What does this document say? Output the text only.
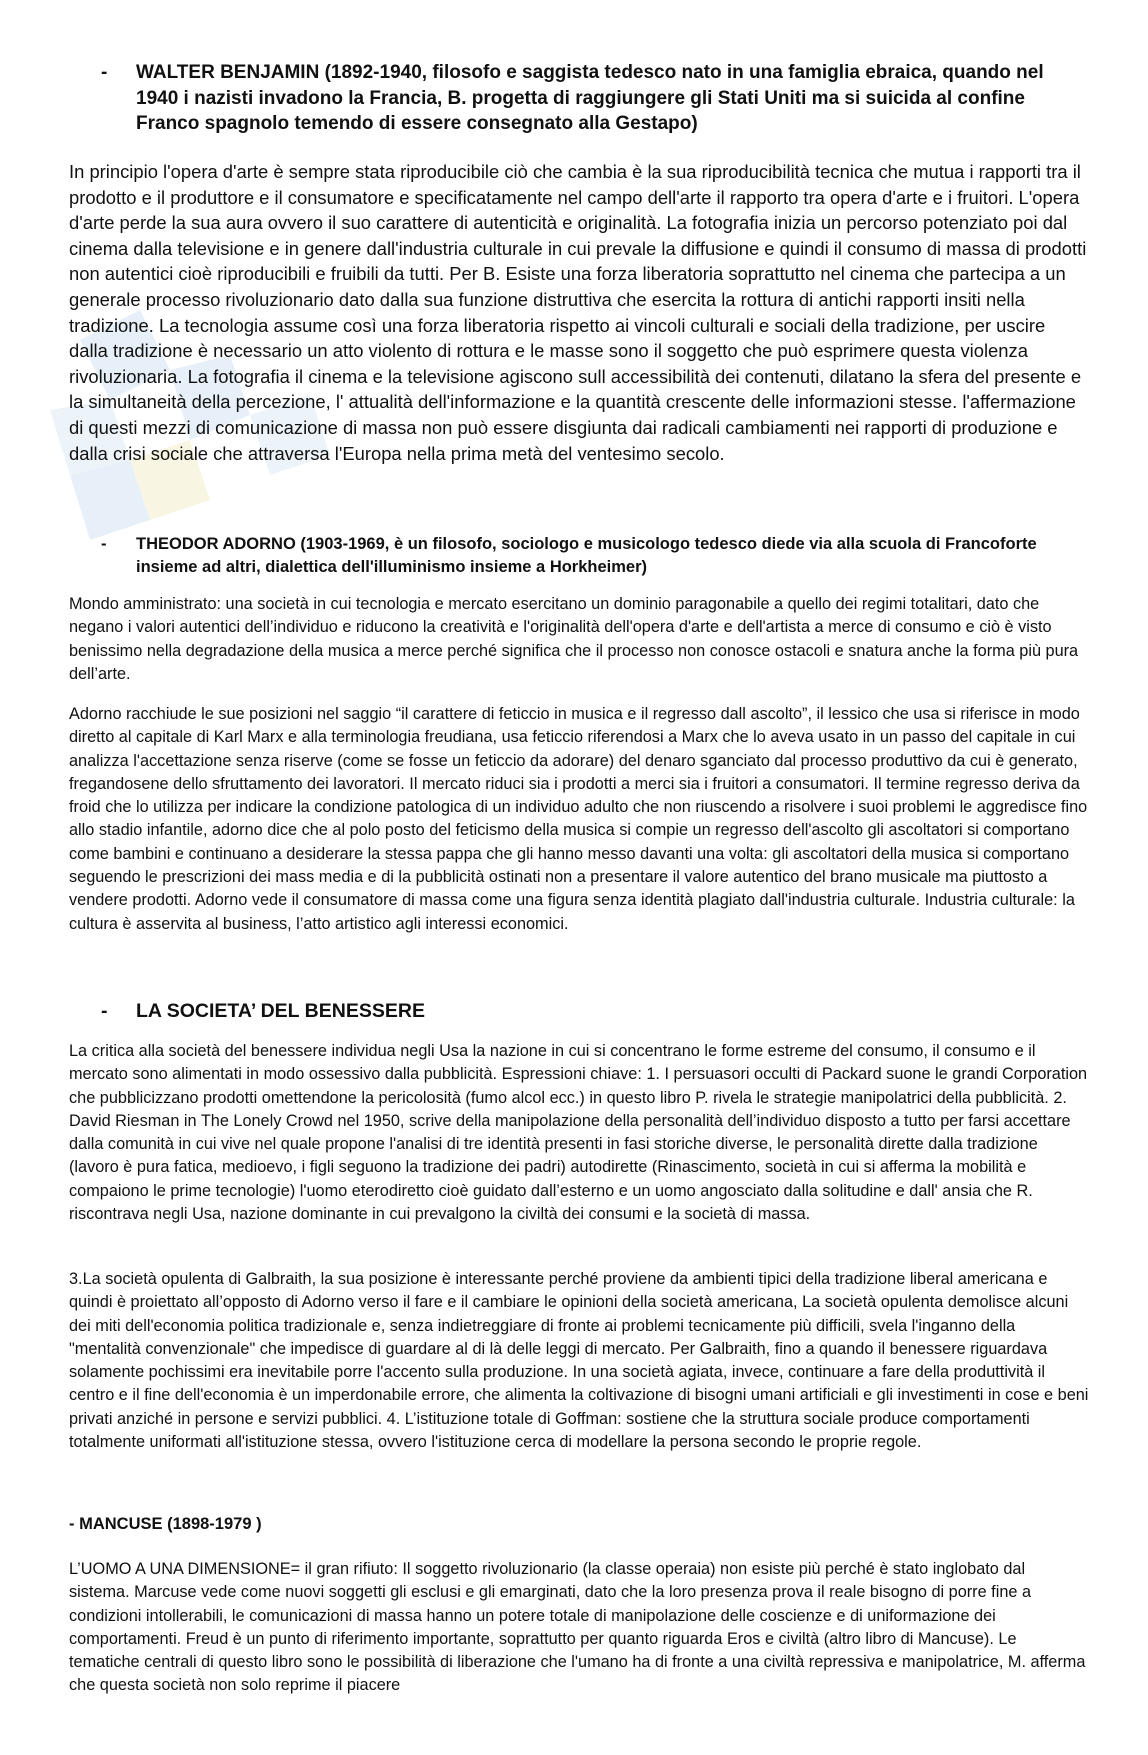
-	WALTER BENJAMIN (1892-1940, filosofo e saggista tedesco nato in una famiglia ebraica, quando nel 1940 i nazisti invadono la Francia, B. progetta di raggiungere gli Stati Uniti ma si suicida al confine Franco spagnolo temendo di essere consegnato alla Gestapo)

In principio l'opera d'arte è sempre stata riproducibile ciò che cambia è la sua riproducibilità tecnica che mutua i rapporti tra il prodotto e il produttore e il consumatore e specificatamente nel campo dell'arte il rapporto tra opera d'arte e i fruitori. L'opera d'arte perde la sua aura ovvero il suo carattere di autenticità e originalità. La fotografia inizia un percorso potenziato poi dal cinema dalla televisione e in genere dall'industria culturale in cui prevale la diffusione e quindi il consumo di massa di prodotti non autentici cioè riproducibili e fruibili da tutti. Per B. Esiste una forza liberatoria soprattutto nel cinema che partecipa a un generale processo rivoluzionario dato dalla sua funzione distruttiva che esercita la rottura di antichi rapporti insiti nella tradizione. La tecnologia assume così una forza liberatoria rispetto ai vincoli culturali e sociali della tradizione, per uscire dalla tradizione è necessario un atto violento di rottura e le masse sono il soggetto che può esprimere questa violenza rivoluzionaria. La fotografia il cinema e la televisione agiscono sull accessibilità dei contenuti, dilatano la sfera del presente e la simultaneità della percezione, l' attualità dell'informazione e la quantità crescente delle informazioni stesse. l'affermazione di questi mezzi di comunicazione di massa non può essere disgiunta dai radicali cambiamenti nei rapporti di produzione e dalla crisi sociale che attraversa l'Europa nella prima metà del ventesimo secolo.

-	THEODOR ADORNO (1903-1969, è un filosofo, sociologo e musicologo tedesco diede via alla scuola di Francoforte insieme ad altri, dialettica dell'illuminismo insieme a Horkheimer)

Mondo amministrato: una società in cui tecnologia e mercato esercitano un dominio paragonabile a quello dei regimi totalitari, dato che negano i valori autentici dell’individuo e riducono la creatività e l'originalità dell'opera d'arte e dell'artista a merce di consumo e ciò è visto benissimo nella degradazione della musica a merce perché significa che il processo non conosce ostacoli e snatura anche la forma più pura dell’arte.

Adorno racchiude le sue posizioni nel saggio “il carattere di feticcio in musica e il regresso dall ascolto”, il lessico che usa si riferisce in modo diretto al capitale di Karl Marx e alla terminologia freudiana, usa feticcio riferendosi a Marx che lo aveva usato in un passo del capitale in cui analizza l'accettazione senza riserve (come se fosse un feticcio da adorare) del denaro sganciato dal processo produttivo da cui è generato, fregandosene dello sfruttamento dei lavoratori. Il mercato riduci sia i prodotti a merci sia i fruitori a consumatori. Il termine regresso deriva da froid che lo utilizza per indicare la condizione patologica di un individuo adulto che non riuscendo a risolvere i suoi problemi le aggredisce fino allo stadio infantile, adorno dice che al polo posto del feticismo della musica si compie un regresso dell'ascolto gli ascoltatori si comportano come bambini e continuano a desiderare la stessa pappa che gli hanno messo davanti una volta: gli ascoltatori della musica si comportano seguendo le prescrizioni dei mass media e di la pubblicità ostinati non a presentare il valore autentico del brano musicale ma piuttosto a vendere prodotti. Adorno vede il consumatore di massa come una figura senza identità plagiato dall'industria culturale. Industria culturale: la cultura è asservita al business, l’atto artistico agli interessi economici.

-	LA SOCIETA’ DEL BENESSERE

La critica alla società del benessere individua negli Usa la nazione in cui si concentrano le forme estreme del consumo, il consumo e il mercato sono alimentati in modo ossessivo dalla pubblicità. Espressioni chiave: 1. I persuasori occulti di Packard suone le grandi Corporation che pubblicizzano prodotti omettendone la pericolosità (fumo alcol ecc.) in questo libro P. rivela le strategie manipolatrici della pubblicità. 2. David Riesman in The Lonely Crowd nel 1950, scrive della manipolazione della personalità dell’individuo disposto a tutto per farsi accettare dalla comunità in cui vive nel quale propone l'analisi di tre identità presenti in fasi storiche diverse, le personalità dirette dalla tradizione (lavoro è pura fatica, medioevo, i figli seguono la tradizione dei padri) autodirette (Rinascimento, società in cui si afferma la mobilità e compaiono le prime tecnologie) l'uomo eterodiretto cioè guidato dall’esterno e un uomo angosciato dalla solitudine e dall' ansia che R. riscontrava negli Usa, nazione dominante in cui prevalgono la civiltà dei consumi e la società di massa.

3.La società opulenta di Galbraith, la sua posizione è interessante perché proviene da ambienti tipici della tradizione liberal americana e quindi è proiettato all’opposto di Adorno verso il fare e il cambiare le opinioni della società americana, La società opulenta demolisce alcuni dei miti dell'economia politica tradizionale e, senza indietreggiare di fronte ai problemi tecnicamente più difficili, svela l'inganno della "mentalità convenzionale" che impedisce di guardare al di là delle leggi di mercato. Per Galbraith, fino a quando il benessere riguardava solamente pochissimi era inevitabile porre l'accento sulla produzione. In una società agiata, invece, continuare a fare della produttività il centro e il fine dell'economia è un imperdonabile errore, che alimenta la coltivazione di bisogni umani artificiali e gli investimenti in cose e beni privati anziché in persone e servizi pubblici. 4. L’istituzione totale di Goffman: sostiene che la struttura sociale produce comportamenti totalmente uniformati all'istituzione stessa, ovvero l'istituzione cerca di modellare la persona secondo le proprie regole.

- MANCUSE (1898-1979 )

L’UOMO A UNA DIMENSIONE= il gran rifiuto: Il soggetto rivoluzionario (la classe operaia) non esiste più perché è stato inglobato dal sistema. Marcuse vede come nuovi soggetti gli esclusi e gli emarginati, dato che la loro presenza prova il reale bisogno di porre fine a condizioni intollerabili, le comunicazioni di massa hanno un potere totale di manipolazione delle coscienze e di uniformazione dei comportamenti. Freud è un punto di riferimento importante, soprattutto per quanto riguarda Eros e civiltà (altro libro di Mancuse). Le tematiche centrali di questo libro sono le possibilità di liberazione che l'umano ha di fronte a una civiltà repressiva e manipolatrice, M. afferma che questa società non solo reprime il piacere
